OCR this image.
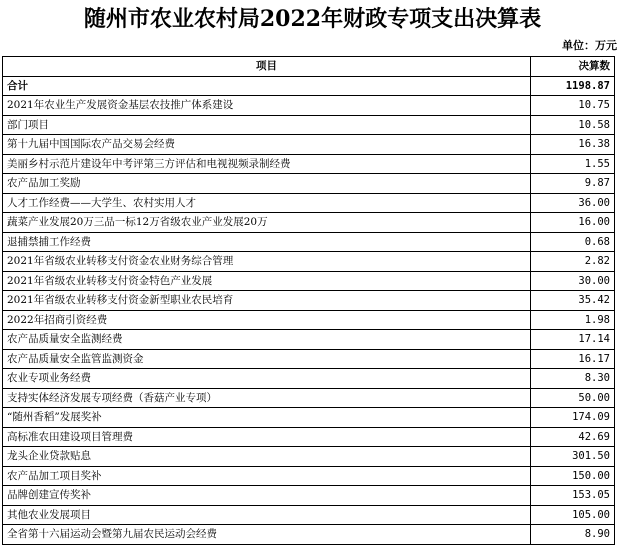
随州市农业农村局2022年财政专项支出决算表
单位：万元
项目	决算数
合计	1198.87
2021年农业生产发展资金基层农技推广体系建设	10.75
部门项目	10.58
第十九届中国国际农产品交易会经费	16.38
美丽乡村示范片建设年中考评第三方评估和电视视频录制经费	1.55
农产品加工奖励	9.87
人才工作经费——大学生、农村实用人才	36.00
蔬菜产业发展20万三品一标12万省级农业产业发展20万	16.00
退捕禁捕工作经费	0.68
2021年省级农业转移支付资金农业财务综合管理	2.82
2021年省级农业转移支付资金特色产业发展	30.00
2021年省级农业转移支付资金新型职业农民培育	35.42
2022年招商引资经费	1.98
农产品质量安全监测经费	17.14
农产品质量安全监管监测资金	16.17
农业专项业务经费	8.30
支持实体经济发展专项经费（香菇产业专项）	50.00
“随州香稻”发展奖补	174.09
高标准农田建设项目管理费	42.69
龙头企业贷款贴息	301.50
农产品加工项目奖补	150.00
品牌创建宣传奖补	153.05
其他农业发展项目	105.00
全省第十六届运动会暨第九届农民运动会经费	8.90
